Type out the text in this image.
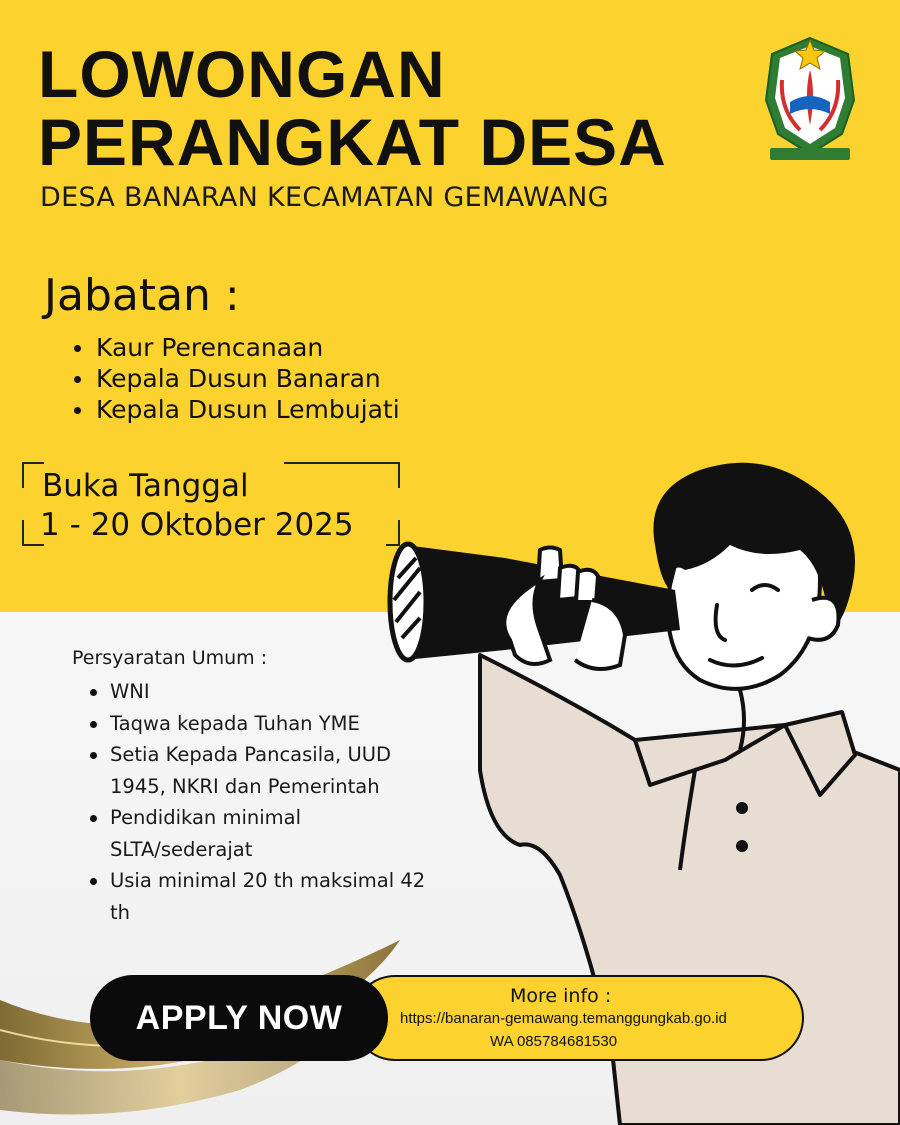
LOWONGAN
PERANGKAT DESA
DESA BANARAN KECAMATAN GEMAWANG
Jabatan :
Kaur Perencanaan
Kepala Dusun Banaran
Kepala Dusun Lembujati
Buka Tanggal
1 - 20 Oktober 2025
Persyaratan Umum :
WNI
Taqwa kepada Tuhan YME
Setia Kepada Pancasila, UUD 1945, NKRI dan Pemerintah
Pendidikan minimal SLTA/sederajat
Usia minimal 20 th maksimal 42 th
APPLY NOW
More info :
https://banaran-gemawang.temanggungkab.go.id
WA 085784681530
